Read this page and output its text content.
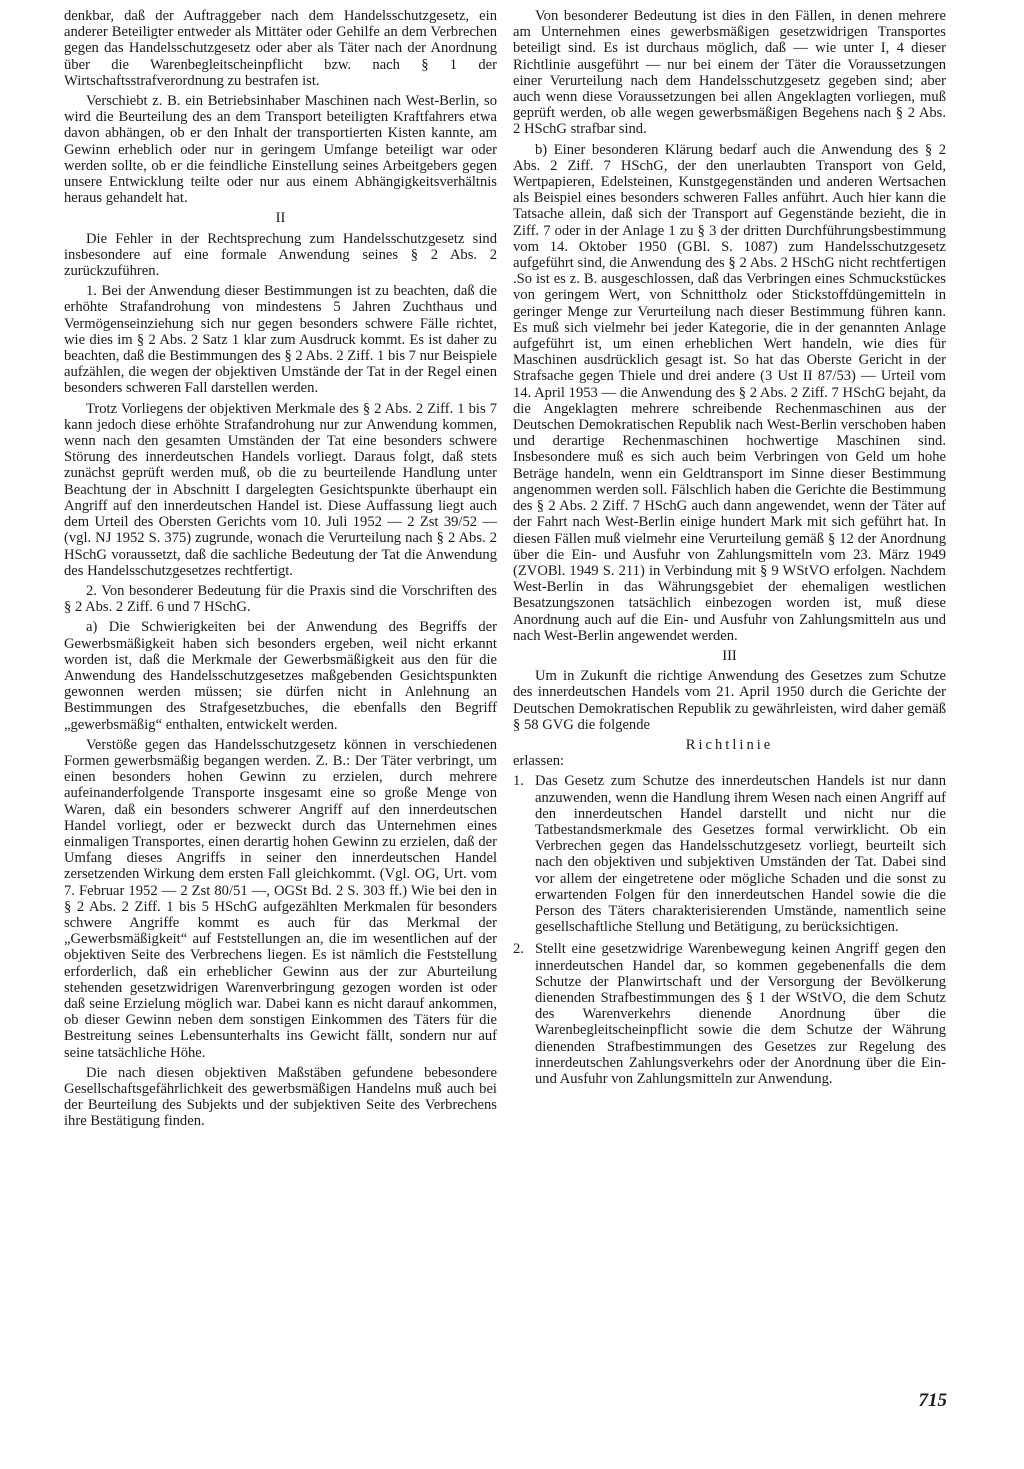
denkbar, daß der Auftraggeber nach dem Handelsschutzgesetz, ein anderer Beteiligter entweder als Mittäter oder Gehilfe an dem Verbrechen gegen das Handelsschutzgesetz oder aber als Täter nach der Anordnung über die Warenbegleitscheinpflicht bzw. nach § 1 der Wirtschaftsstrafverordnung zu bestrafen ist.

Verschiebt z. B. ein Betriebsinhaber Maschinen nach West-Berlin, so wird die Beurteilung des an dem Transport beteiligten Kraftfahrers etwa davon abhängen, ob er den Inhalt der transportierten Kisten kannte, am Gewinn erheblich oder nur in geringem Umfange beteiligt war oder werden sollte, ob er die feindliche Einstellung seines Arbeitgebers gegen unsere Entwicklung teilte oder nur aus einem Abhängigkeitsverhältnis heraus gehandelt hat.

II

Die Fehler in der Rechtsprechung zum Handelsschutzgesetz sind insbesondere auf eine formale Anwendung seines § 2 Abs. 2 zurückzuführen.

1. Bei der Anwendung dieser Bestimmungen ist zu beachten, daß die erhöhte Strafandrohung von mindestens 5 Jahren Zuchthaus und Vermögenseinziehung sich nur gegen besonders schwere Fälle richtet, wie dies im § 2 Abs. 2 Satz 1 klar zum Ausdruck kommt. Es ist daher zu beachten, daß die Bestimmungen des § 2 Abs. 2 Ziff. 1 bis 7 nur Beispiele aufzählen, die wegen der objektiven Umstände der Tat in der Regel einen besonders schweren Fall darstellen werden.

Trotz Vorliegens der objektiven Merkmale des § 2 Abs. 2 Ziff. 1 bis 7 kann jedoch diese erhöhte Strafandrohung nur zur Anwendung kommen, wenn nach den gesamten Umständen der Tat eine besonders schwere Störung des innerdeutschen Handels vorliegt. Daraus folgt, daß stets zunächst geprüft werden muß, ob die zu beurteilende Handlung unter Beachtung der in Abschnitt I dargelegten Gesichtspunkte überhaupt ein Angriff auf den innerdeutschen Handel ist. Diese Auffassung liegt auch dem Urteil des Obersten Gerichts vom 10. Juli 1952 — 2 Zst 39/52 — (vgl. NJ 1952 S. 375) zugrunde, wonach die Verurteilung nach § 2 Abs. 2 HSchG voraussetzt, daß die sachliche Bedeutung der Tat die Anwendung des Handelsschutzgesetzes rechtfertigt.

2. Von besonderer Bedeutung für die Praxis sind die Vorschriften des § 2 Abs. 2 Ziff. 6 und 7 HSchG.

a) Die Schwierigkeiten bei der Anwendung des Begriffs der Gewerbsmäßigkeit haben sich besonders ergeben, weil nicht erkannt worden ist, daß die Merkmale der Gewerbsmäßigkeit aus den für die Anwendung des Handelsschutzgesetzes maßgebenden Gesichtspunkten gewonnen werden müssen; sie dürfen nicht in Anlehnung an Bestimmungen des Strafgesetzbuches, die ebenfalls den Begriff „gewerbsmäßig“ enthalten, entwickelt werden.

Verstöße gegen das Handelsschutzgesetz können in verschiedenen Formen gewerbsmäßig begangen werden. Z. B.: Der Täter verbringt, um einen besonders hohen Gewinn zu erzielen, durch mehrere aufeinanderfolgende Transporte insgesamt eine so große Menge von Waren, daß ein besonders schwerer Angriff auf den innerdeutschen Handel vorliegt, oder er bezweckt durch das Unternehmen eines einmaligen Transportes, einen derartig hohen Gewinn zu erzielen, daß der Umfang dieses Angriffs in seiner den innerdeutschen Handel zersetzenden Wirkung dem ersten Fall gleichkommt. (Vgl. OG, Urt. vom 7. Februar 1952 — 2 Zst 80/51 —, OGSt Bd. 2 S. 303 ff.) Wie bei den in § 2 Abs. 2 Ziff. 1 bis 5 HSchG aufgezählten Merkmalen für besonders schwere Angriffe kommt es auch für das Merkmal der „Gewerbsmäßigkeit“ auf Feststellungen an, die im wesentlichen auf der objektiven Seite des Verbrechens liegen. Es ist nämlich die Feststellung erforderlich, daß ein erheblicher Gewinn aus der zur Aburteilung stehenden gesetzwidrigen Warenverbringung gezogen worden ist oder daß seine Erzielung möglich war. Dabei kann es nicht darauf ankommen, ob dieser Gewinn neben dem sonstigen Einkommen des Täters für die Bestreitung seines Lebensunterhalts ins Gewicht fällt, sondern nur auf seine tatsächliche Höhe.

Die nach diesen objektiven Maßstäben gefundene bebesondere Gesellschaftsgefährlichkeit des gewerbsmäßigen Handelns muß auch bei der Beurteilung des Subjekts und der subjektiven Seite des Verbrechens ihre Bestätigung finden.

Von besonderer Bedeutung ist dies in den Fällen, in denen mehrere am Unternehmen eines gewerbsmäßigen gesetzwidrigen Transportes beteiligt sind. Es ist durchaus möglich, daß — wie unter I, 4 dieser Richtlinie ausgeführt — nur bei einem der Täter die Voraussetzungen einer Verurteilung nach dem Handelsschutzgesetz gegeben sind; aber auch wenn diese Voraussetzungen bei allen Angeklagten vorliegen, muß geprüft werden, ob alle wegen gewerbsmäßigen Begehens nach § 2 Abs. 2 HSchG strafbar sind.

b) Einer besonderen Klärung bedarf auch die Anwendung des § 2 Abs. 2 Ziff. 7 HSchG, der den unerlaubten Transport von Geld, Wertpapieren, Edelsteinen, Kunstgegenständen und anderen Wertsachen als Beispiel eines besonders schweren Falles anführt. Auch hier kann die Tatsache allein, daß sich der Transport auf Gegenstände bezieht, die in Ziff. 7 oder in der Anlage 1 zu § 3 der dritten Durchführungsbestimmung vom 14. Oktober 1950 (GBl. S. 1087) zum Handelsschutzgesetz aufgeführt sind, die Anwendung des § 2 Abs. 2 HSchG nicht rechtfertigen .So ist es z. B. ausgeschlossen, daß das Verbringen eines Schmuckstückes von geringem Wert, von Schnittholz oder Stickstoffdüngemitteln in geringer Menge zur Verurteilung nach dieser Bestimmung führen kann. Es muß sich vielmehr bei jeder Kategorie, die in der genannten Anlage aufgeführt ist, um einen erheblichen Wert handeln, wie dies für Maschinen ausdrücklich gesagt ist. So hat das Oberste Gericht in der Strafsache gegen Thiele und drei andere (3 Ust II 87/53) — Urteil vom 14. April 1953 — die Anwendung des § 2 Abs. 2 Ziff. 7 HSchG bejaht, da die Angeklagten mehrere schreibende Rechenmaschinen aus der Deutschen Demokratischen Republik nach West-Berlin verschoben haben und derartige Rechenmaschinen hochwertige Maschinen sind. Insbesondere muß es sich auch beim Verbringen von Geld um hohe Beträge handeln, wenn ein Geldtransport im Sinne dieser Bestimmung angenommen werden soll. Fälschlich haben die Gerichte die Bestimmung des § 2 Abs. 2 Ziff. 7 HSchG auch dann angewendet, wenn der Täter auf der Fahrt nach West-Berlin einige hundert Mark mit sich geführt hat. In diesen Fällen muß vielmehr eine Verurteilung gemäß § 12 der Anordnung über die Ein- und Ausfuhr von Zahlungsmitteln vom 23. März 1949 (ZVOBl. 1949 S. 211) in Verbindung mit § 9 WStVO erfolgen. Nachdem West-Berlin in das Währungsgebiet der ehemaligen westlichen Besatzungszonen tatsächlich einbezogen worden ist, muß diese Anordnung auch auf die Ein- und Ausfuhr von Zahlungsmitteln aus und nach West-Berlin angewendet werden.

III

Um in Zukunft die richtige Anwendung des Gesetzes zum Schutze des innerdeutschen Handels vom 21. April 1950 durch die Gerichte der Deutschen Demokratischen Republik zu gewährleisten, wird daher gemäß § 58 GVG die folgende

Richtlinie

erlassen:

1. Das Gesetz zum Schutze des innerdeutschen Handels ist nur dann anzuwenden, wenn die Handlung ihrem Wesen nach einen Angriff auf den innerdeutschen Handel darstellt und nicht nur die Tatbestandsmerkmale des Gesetzes formal verwirklicht. Ob ein Verbrechen gegen das Handelsschutzgesetz vorliegt, beurteilt sich nach den objektiven und subjektiven Umständen der Tat. Dabei sind vor allem der eingetretene oder mögliche Schaden und die sonst zu erwartenden Folgen für den innerdeutschen Handel sowie die die Person des Täters charakterisierenden Umstände, namentlich seine gesellschaftliche Stellung und Betätigung, zu berücksichtigen.
2. Stellt eine gesetzwidrige Warenbewegung keinen Angriff gegen den innerdeutschen Handel dar, so kommen gegebenenfalls die dem Schutze der Planwirtschaft und der Versorgung der Bevölkerung dienenden Strafbestimmungen des § 1 der WStVO, die dem Schutz des Warenverkehrs dienende Anordnung über die Warenbegleitscheinpflicht sowie die dem Schutze der Währung dienenden Strafbestimmungen des Gesetzes zur Regelung des innerdeutschen Zahlungsverkehrs oder der Anordnung über die Ein- und Ausfuhr von Zahlungsmitteln zur Anwendung.
715
